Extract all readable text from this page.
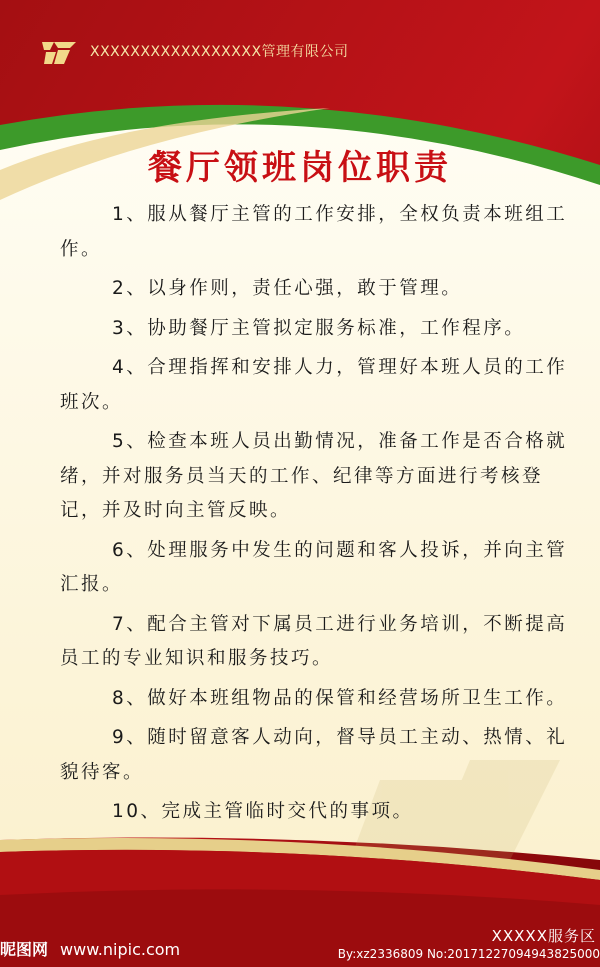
XXXXXXXXXXXXXXXXX管理有限公司
餐厅领班岗位职责
1、服从餐厅主管的工作安排，全权负责本班组工作。
2、以身作则，责任心强，敢于管理。
3、协助餐厅主管拟定服务标准，工作程序。
4、合理指挥和安排人力，管理好本班人员的工作班次。
5、检查本班人员出勤情况，准备工作是否合格就绪，并对服务员当天的工作、纪律等方面进行考核登记，并及时向主管反映。
6、处理服务中发生的问题和客人投诉，并向主管汇报。
7、配合主管对下属员工进行业务培训，不断提高员工的专业知识和服务技巧。
8、做好本班组物品的保管和经营场所卫生工作。
9、随时留意客人动向，督导员工主动、热情、礼貌待客。
10、完成主管临时交代的事项。
XXXXX服务区
昵图网 www.nipic.com	By:xz2336809 No:20171227094943825000
